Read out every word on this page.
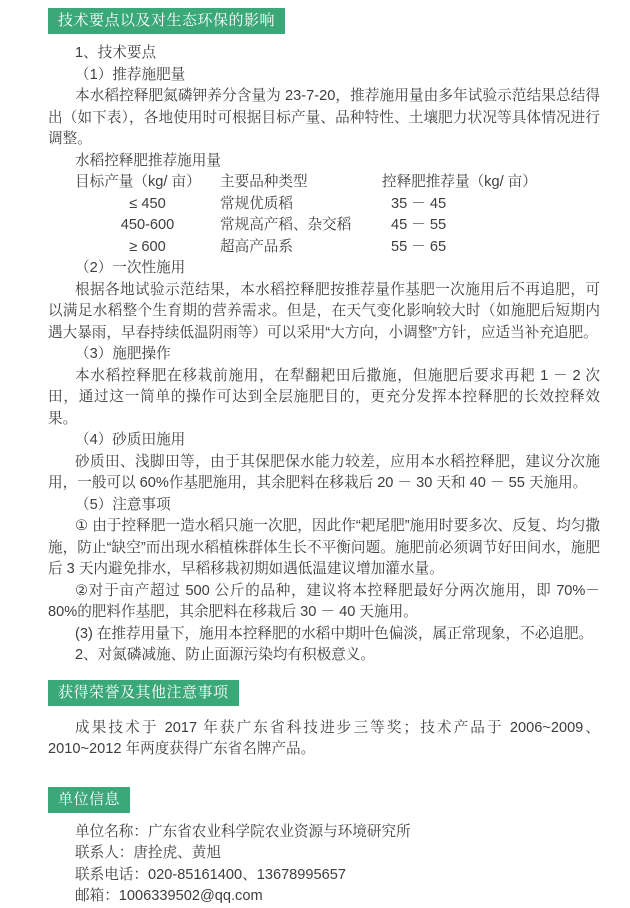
技术要点以及对生态环保的影响

1、技术要点

（1）推荐施肥量

本水稻控释肥氮磷钾养分含量为 23-7-20，推荐施用量由多年试验示范结果总结得出（如下表），各地使用时可根据目标产量、品种特性、土壤肥力状况等具体情况进行调整。

水稻控释肥推荐施用量

目标产量（kg/ 亩）	主要品种类型	控释肥推荐量（kg/ 亩）
≤ 450	常规优质稻	35 － 45
450-600	常规高产稻、杂交稻	45 － 55
≥ 600	超高产品系	55 － 65

（2）一次性施用

根据各地试验示范结果，本水稻控释肥按推荐量作基肥一次施用后不再追肥，可以满足水稻整个生育期的营养需求。但是，在天气变化影响较大时（如施肥后短期内遇大暴雨，早春持续低温阴雨等）可以采用“大方向，小调整”方针，应适当补充追肥。

（3）施肥操作

本水稻控释肥在移栽前施用，在犁翻耙田后撒施，但施肥后要求再耙 1 － 2 次田，通过这一简单的操作可达到全层施肥目的，更充分发挥本控释肥的长效控释效果。

（4）砂质田施用

砂质田、浅脚田等，由于其保肥保水能力较差，应用本水稻控释肥，建议分次施用，一般可以 60%作基肥施用，其余肥料在移栽后 20 － 30 天和 40 － 55 天施用。

（5）注意事项

① 由于控释肥一造水稻只施一次肥，因此作“耙尾肥”施用时要多次、反复、均匀撒施，防止“缺空”而出现水稻植株群体生长不平衡问题。施肥前必须调节好田间水，施肥后 3 天内避免排水，早稻移栽初期如遇低温建议增加灌水量。

②对于亩产超过 500 公斤的品种，建议将本控释肥最好分两次施用，即 70%－80%的肥料作基肥，其余肥料在移栽后 30 － 40 天施用。

(3) 在推荐用量下，施用本控释肥的水稻中期叶色偏淡，属正常现象，不必追肥。

2、对氮磷减施、防止面源污染均有积极意义。

获得荣誉及其他注意事项

成果技术于 2017 年获广东省科技进步三等奖；技术产品于 2006~2009、2010~2012 年两度获得广东省名牌产品。

单位信息

单位名称：广东省农业科学院农业资源与环境研究所

联系人：唐拴虎、黄旭

联系电话：020-85161400、13678995657

邮箱：1006339502@qq.com
